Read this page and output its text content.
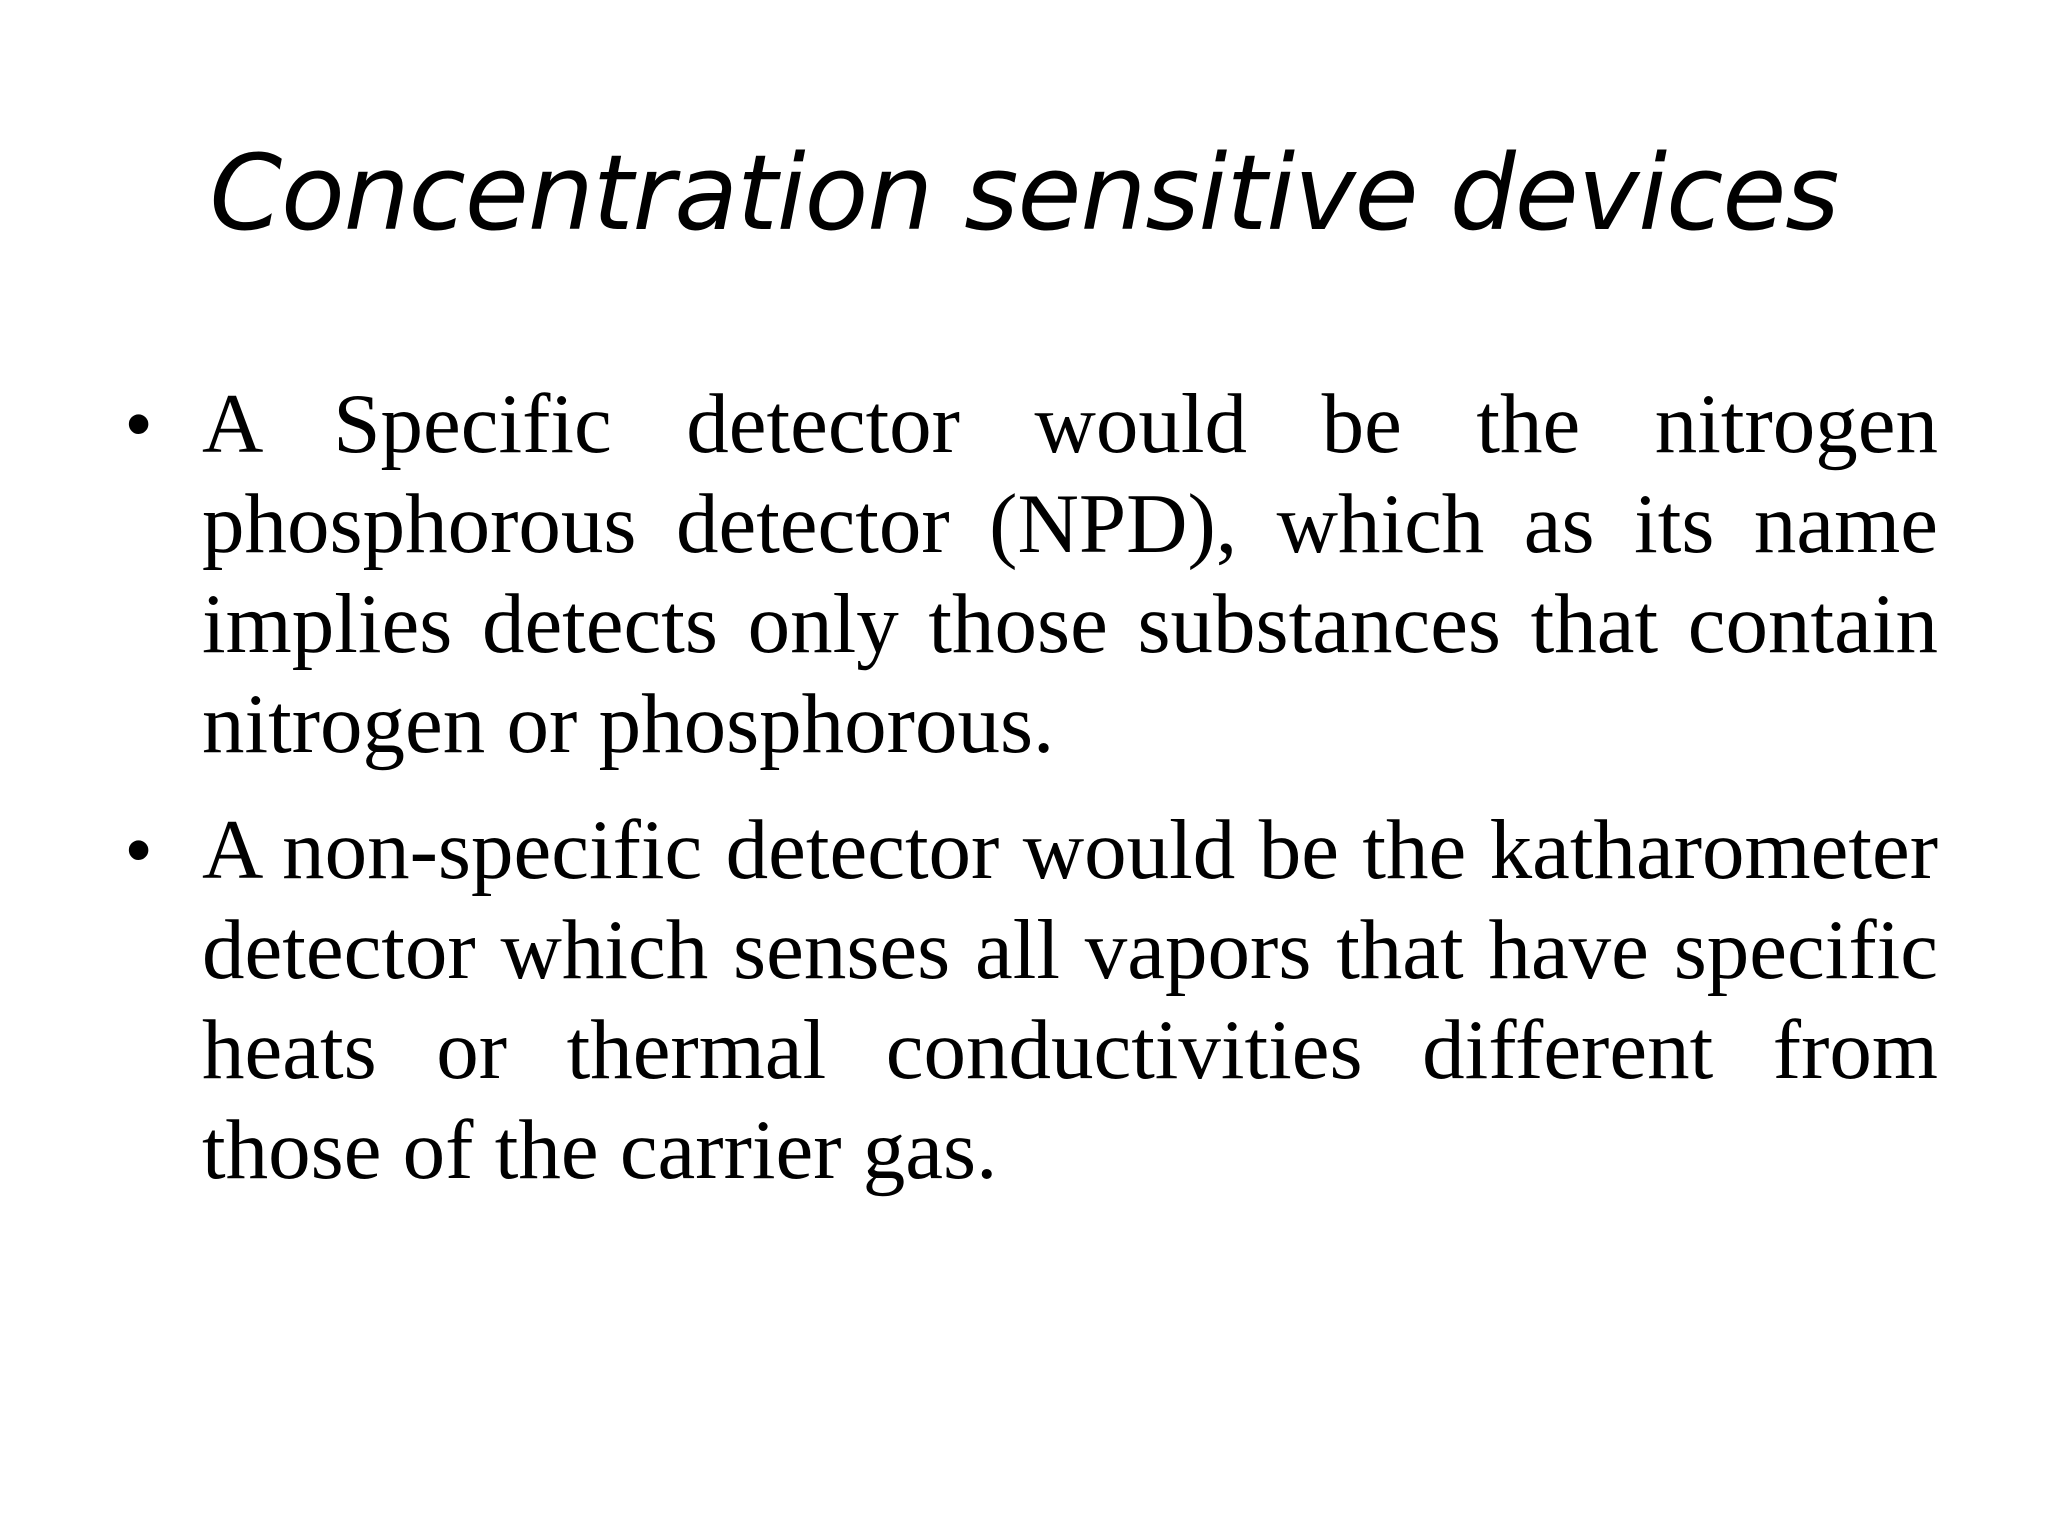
Concentration sensitive devices
• A Specific detector would be the nitrogen phosphorous detector (NPD), which as its name implies detects only those substances that contain nitrogen or phosphorous.
• A non-specific detector would be the katharometer detector which senses all vapors that have specific heats or thermal conductivities different from those of the carrier gas.
